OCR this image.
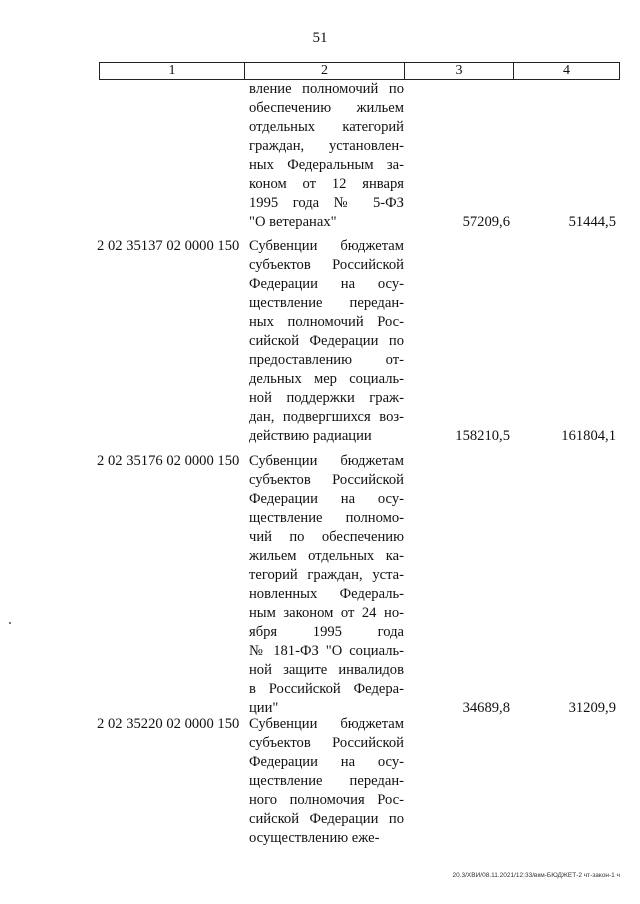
51
1	2	3	4
вление полномочий по
обеспечению жильем
отдельных категорий
граждан, установлен-
ных Федеральным за-
коном от 12 января
1995 года № 5-ФЗ
"О ветеранах"	57209,6	51444,5
2 02 35137 02 0000 150 Субвенции бюджетам
субъектов Российской
Федерации на осу-
ществление передан-
ных полномочий Рос-
сийской Федерации по
предоставлению от-
дельных мер социаль-
ной поддержки граж-
дан, подвергшихся воз-
действию радиации	158210,5	161804,1
2 02 35176 02 0000 150 Субвенции бюджетам
субъектов Российской
Федерации на осу-
ществление полномо-
чий по обеспечению
жильем отдельных ка-
тегорий граждан, уста-
новленных Федераль-
ным законом от 24 но-
ября 1995 года
№ 181-ФЗ "О социаль-
ной защите инвалидов
в Российской Федера-
ции"	34689,8	31209,9
2 02 35220 02 0000 150 Субвенции бюджетам
субъектов Российской
Федерации на осу-
ществление передан-
ного полномочия Рос-
сийской Федерации по
осуществлению еже-
20.3/ХВИ/08.11.2021/12:33/вкм-БЮДЖЕТ-2 чт-закон-1 ч
